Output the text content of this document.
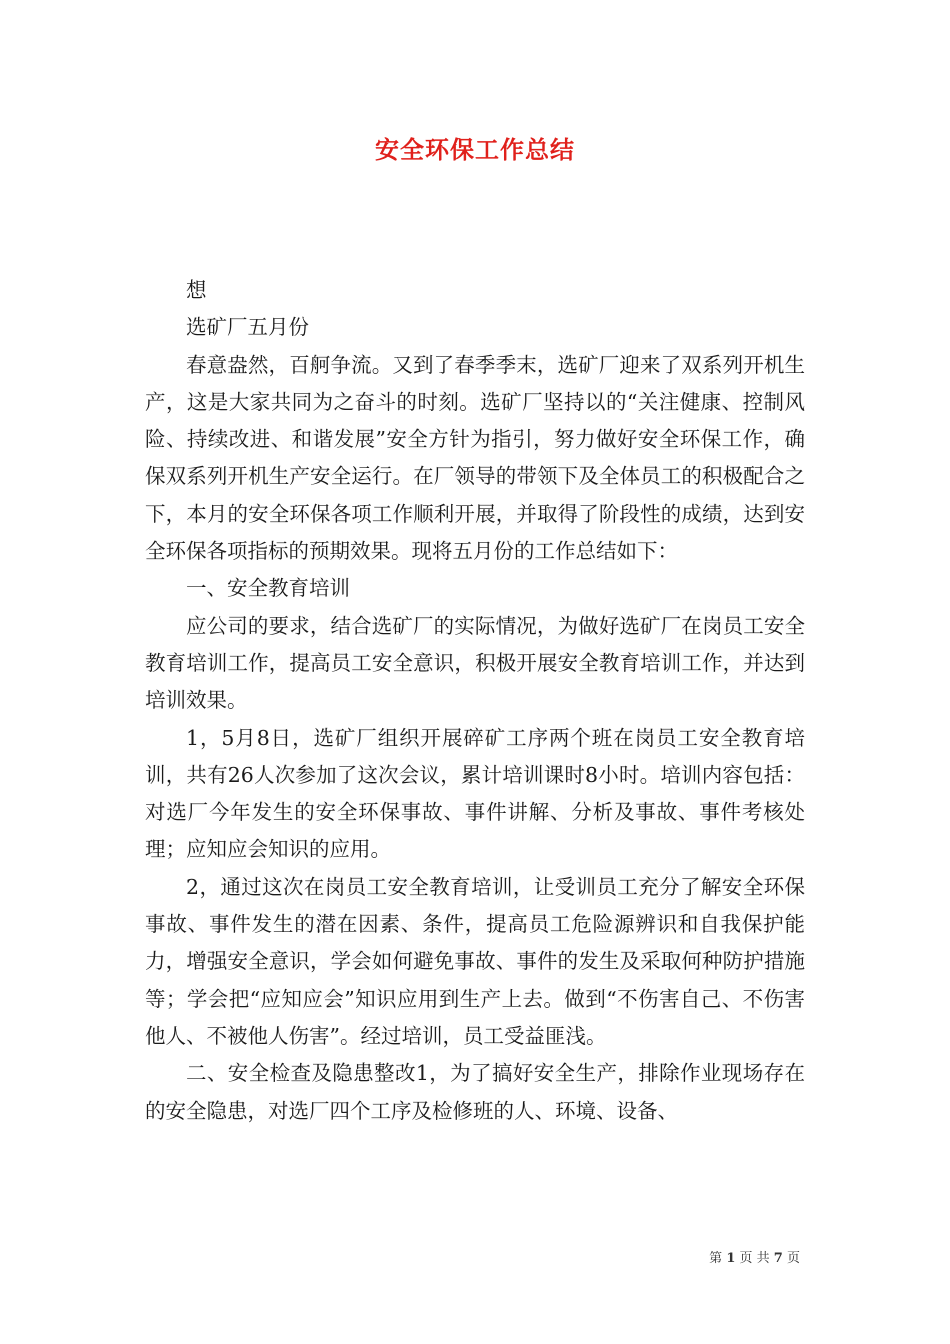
安全环保工作总结

想

选矿厂五月份

春意盎然，百舸争流。又到了春季季末，选矿厂迎来了双系列开机生产，这是大家共同为之奋斗的时刻。选矿厂坚持以的“关注健康、控制风险、持续改进、和谐发展”安全方针为指引，努力做好安全环保工作，确保双系列开机生产安全运行。在厂领导的带领下及全体员工的积极配合之下，本月的安全环保各项工作顺利开展，并取得了阶段性的成绩，达到安全环保各项指标的预期效果。现将五月份的工作总结如下：

一、安全教育培训

应公司的要求，结合选矿厂的实际情况，为做好选矿厂在岗员工安全教育培训工作，提高员工安全意识，积极开展安全教育培训工作，并达到培训效果。

1，5月8日，选矿厂组织开展碎矿工序两个班在岗员工安全教育培训，共有26人次参加了这次会议，累计培训课时8小时。培训内容包括：对选厂今年发生的安全环保事故、事件讲解、分析及事故、事件考核处理；应知应会知识的应用。

2，通过这次在岗员工安全教育培训，让受训员工充分了解安全环保事故、事件发生的潜在因素、条件，提高员工危险源辨识和自我保护能力，增强安全意识，学会如何避免事故、事件的发生及采取何种防护措施等；学会把“应知应会”知识应用到生产上去。做到“不伤害自己、不伤害他人、不被他人伤害”。经过培训，员工受益匪浅。

二、安全检查及隐患整改1，为了搞好安全生产，排除作业现场存在的安全隐患，对选厂四个工序及检修班的人、环境、设备、

第 1 页 共 7 页
